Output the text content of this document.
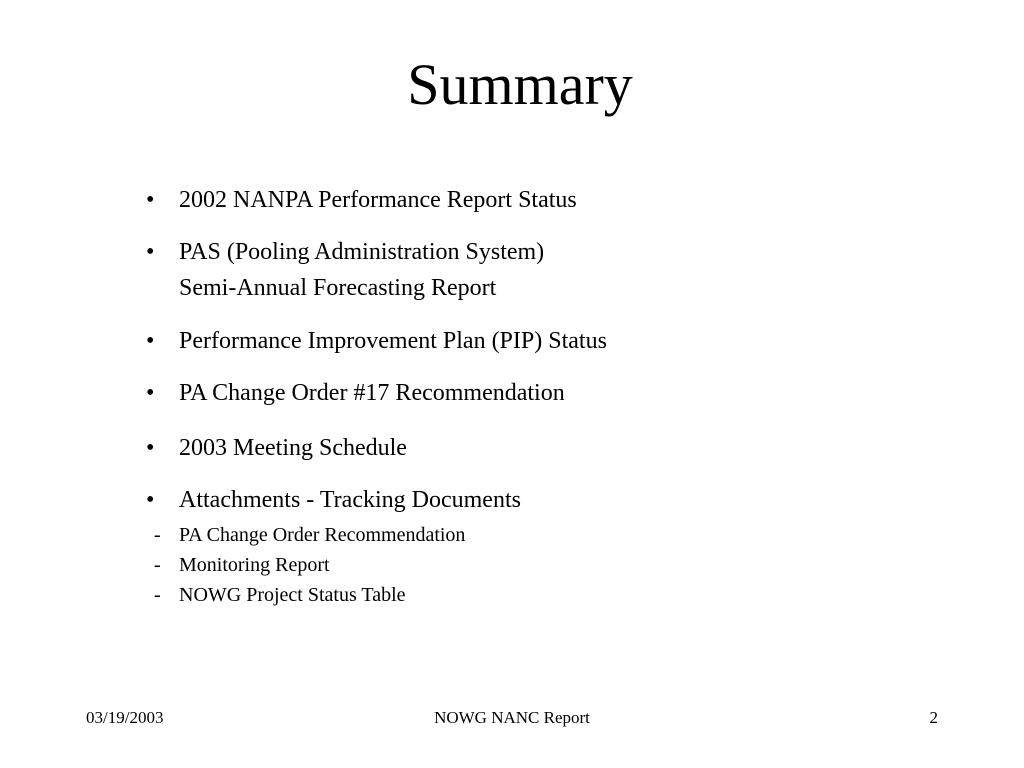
Summary
• 2002 NANPA Performance Report Status
• PAS (Pooling Administration System)
Semi-Annual Forecasting Report
• Performance Improvement Plan (PIP) Status
• PA Change Order #17 Recommendation
• 2003 Meeting Schedule
• Attachments - Tracking Documents
- PA Change Order Recommendation
- Monitoring Report
- NOWG Project Status Table
03/19/2003	NOWG NANC Report	2
